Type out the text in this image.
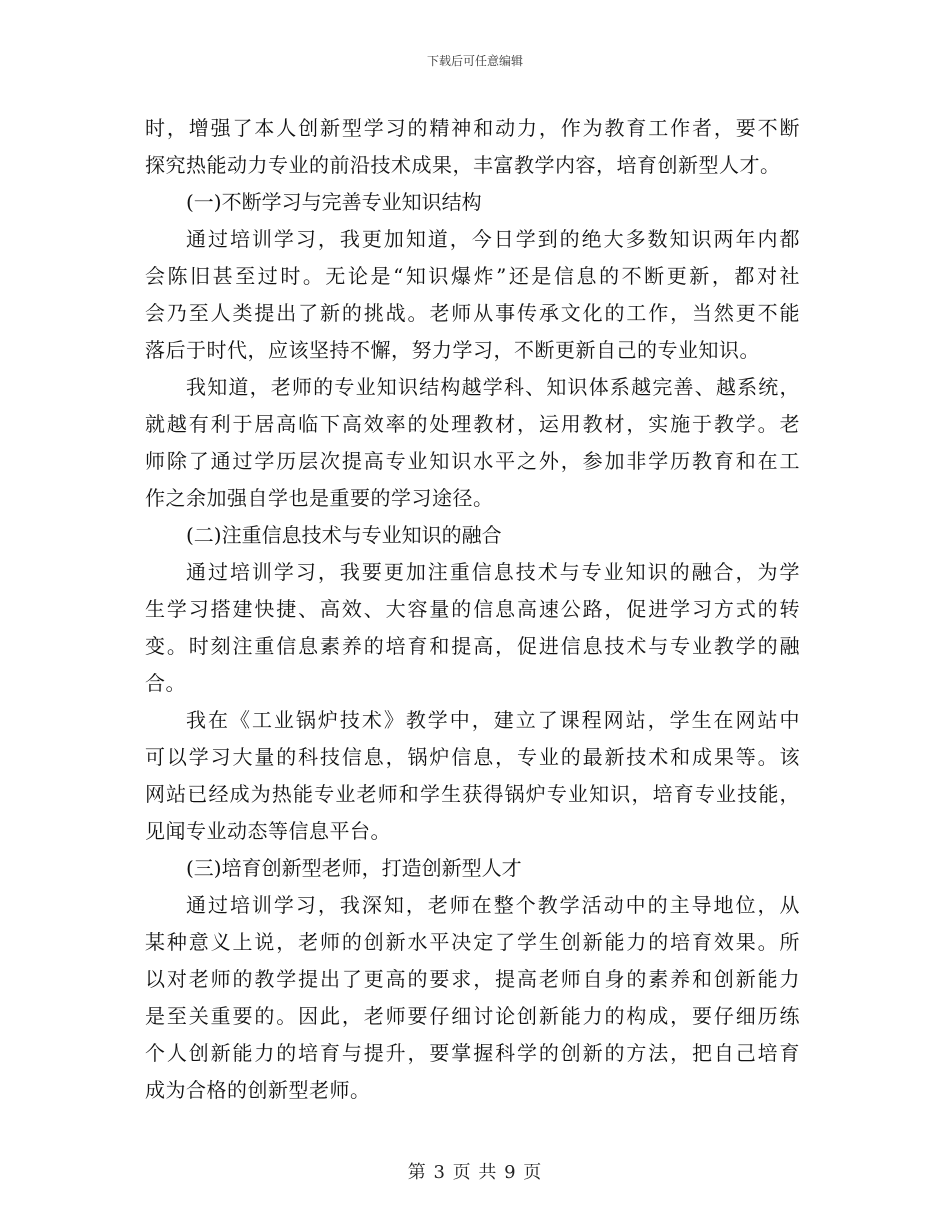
下载后可任意编辑
时，增强了本人创新型学习的精神和动力，作为教育工作者，要不断
探究热能动力专业的前沿技术成果，丰富教学内容，培育创新型人才。
(一)不断学习与完善专业知识结构
通过培训学习，我更加知道，今日学到的绝大多数知识两年内都
会陈旧甚至过时。无论是“知识爆炸”还是信息的不断更新，都对社
会乃至人类提出了新的挑战。老师从事传承文化的工作，当然更不能
落后于时代，应该坚持不懈，努力学习，不断更新自己的专业知识。
我知道，老师的专业知识结构越学科、知识体系越完善、越系统，
就越有利于居高临下高效率的处理教材，运用教材，实施于教学。老
师除了通过学历层次提高专业知识水平之外，参加非学历教育和在工
作之余加强自学也是重要的学习途径。
(二)注重信息技术与专业知识的融合
通过培训学习，我要更加注重信息技术与专业知识的融合，为学
生学习搭建快捷、高效、大容量的信息高速公路，促进学习方式的转
变。时刻注重信息素养的培育和提高，促进信息技术与专业教学的融
合。
我在《工业锅炉技术》教学中，建立了课程网站，学生在网站中
可以学习大量的科技信息，锅炉信息，专业的最新技术和成果等。该
网站已经成为热能专业老师和学生获得锅炉专业知识，培育专业技能，
见闻专业动态等信息平台。
(三)培育创新型老师，打造创新型人才
通过培训学习，我深知，老师在整个教学活动中的主导地位，从
某种意义上说，老师的创新水平决定了学生创新能力的培育效果。所
以对老师的教学提出了更高的要求，提高老师自身的素养和创新能力
是至关重要的。因此，老师要仔细讨论创新能力的构成，要仔细历练
个人创新能力的培育与提升，要掌握科学的创新的方法，把自己培育
成为合格的创新型老师。
第 3 页 共 9 页
